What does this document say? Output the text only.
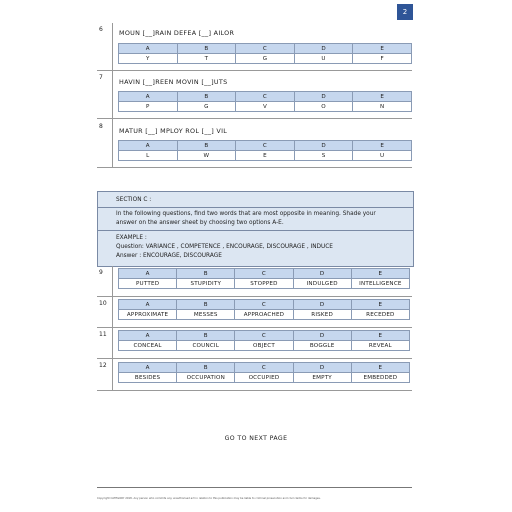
2
6	MOUN [__]RAIN DEFEA [__] AILOR
A	B	C	D	E
Y	T	G	U	F
7
HAVIN [__]REEN MOVIN [__]UTS
A	B	C	D	E
P	G	V	O	N
8
MATUR [__] MPLOY ROL [__] VIL
A	B	C	D	E
L	W	E	S	U
SECTION C :
In the following questions, find two words that are most opposite in meaning. Shade your
answer on the answer sheet by choosing two options A-E.
EXAMPLE :
Question: VARIANCE , COMPETENCE , ENCOURAGE, DISCOURAGE , INDUCE
Answer : ENCOURAGE, DISCOURAGE
9	A	B	C	D	E
PUTTED	STUPIDITY	STOPPED	INDULGED	INTELLIGENCE
10	A	B	C	D	E
APPROXIMATE	MESSES	APPROACHED	RISKED	RECEDED
11	A	B	C	D	E
CONCEAL	COUNCIL	OBJECT	BOGGLE	REVEAL
12	A	B	C	D	E
BESIDES	OCCUPATION	OCCUPIED	EMPTY	EMBEDDED
GO TO NEXT PAGE
Copyright CATEGORY 2018. Any person who commits any unauthorised act in relation to this publication may be liable to criminal prosecution and civil claims for damages.
